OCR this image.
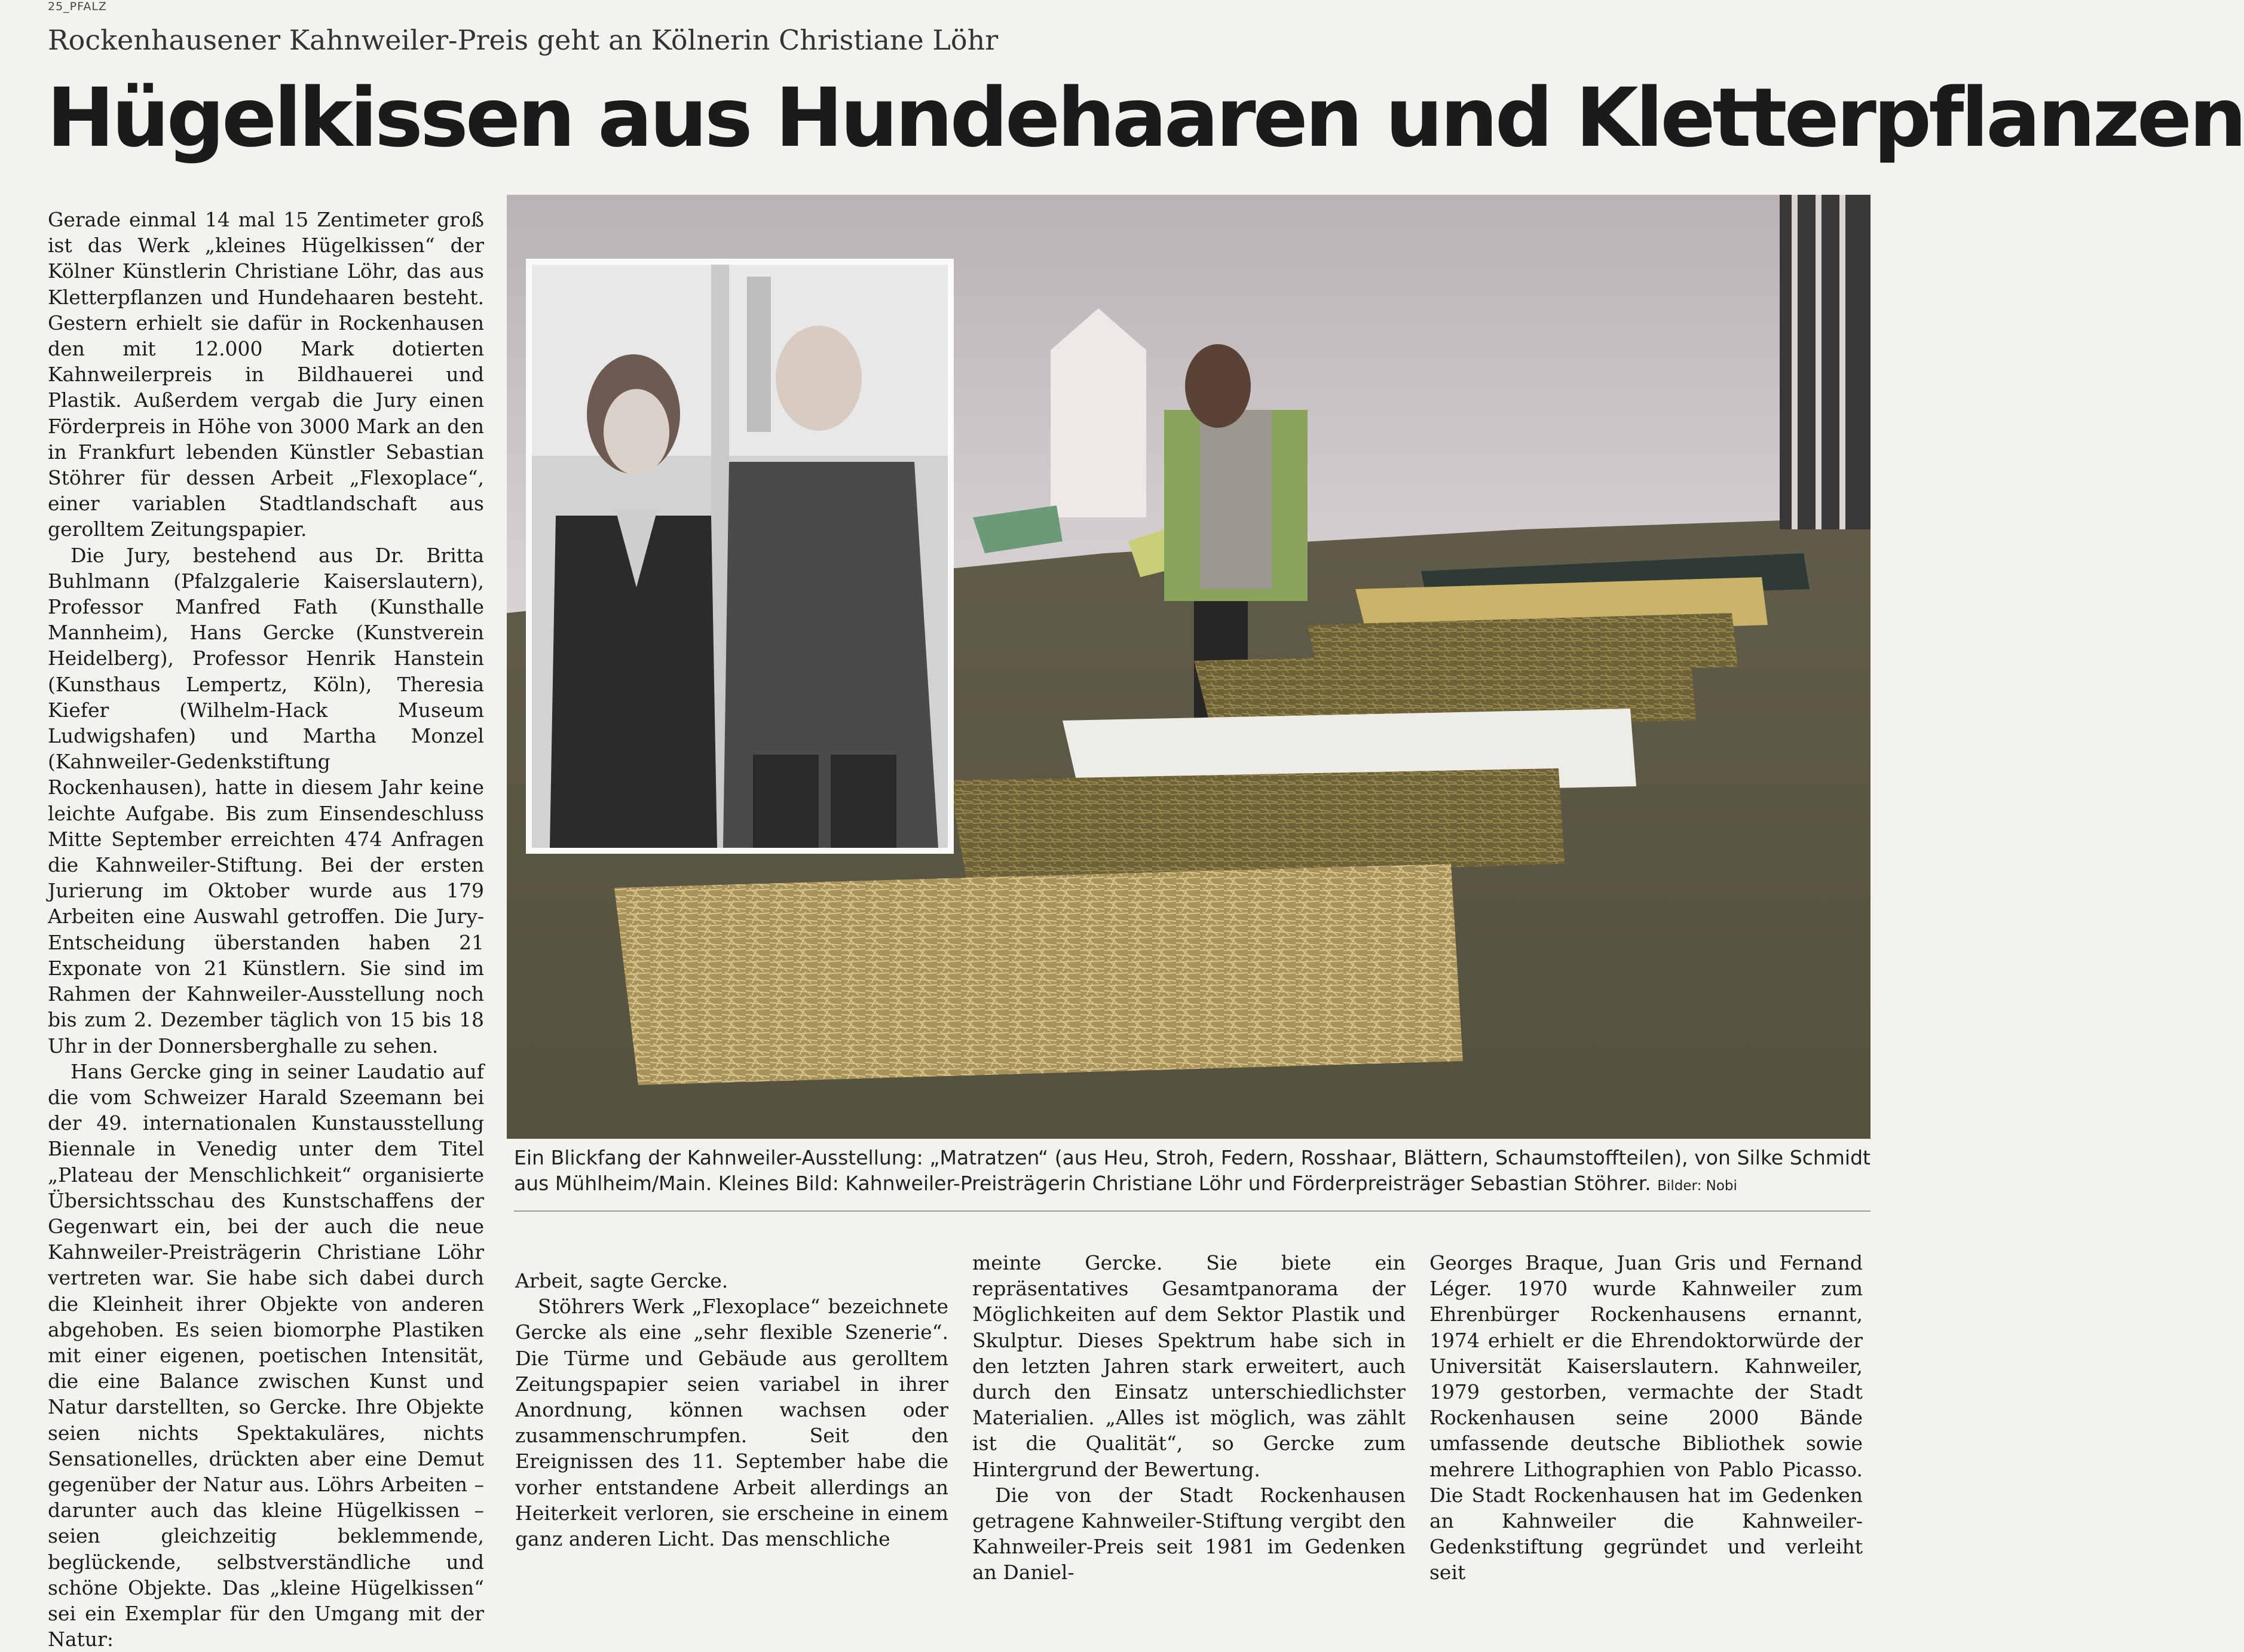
25_PFALZ
Rockenhausener Kahnweiler-Preis geht an Kölnerin Christiane Löhr
Hügelkissen aus Hundehaaren und Kletterpflanzen

Gerade einmal 14 mal 15 Zentimeter groß ist das Werk „kleines Hügelkissen“ der Kölner Künstlerin Christiane Löhr, das aus Kletterpflanzen und Hundehaaren besteht. Gestern erhielt sie dafür in Rockenhausen den mit 12.000 Mark dotierten Kahnweilerpreis in Bildhauerei und Plastik. Außerdem vergab die Jury einen Förderpreis in Höhe von 3000 Mark an den in Frankfurt lebenden Künstler Sebastian Stöhrer für dessen Arbeit „Flexoplace“, einer variablen Stadtlandschaft aus gerolltem Zeitungspapier.

Die Jury, bestehend aus Dr. Britta Buhlmann (Pfalzgalerie Kaiserslautern), Professor Manfred Fath (Kunsthalle Mannheim), Hans Gercke (Kunstverein Heidelberg), Professor Henrik Hanstein (Kunsthaus Lempertz, Köln), Theresia Kiefer (Wilhelm-Hack Museum Ludwigshafen) und Martha Monzel (Kahnweiler-Gedenkstiftung Rockenhausen), hatte in diesem Jahr keine leichte Aufgabe. Bis zum Einsendeschluss Mitte September erreichten 474 Anfragen die Kahnweiler-Stiftung. Bei der ersten Jurierung im Oktober wurde aus 179 Arbeiten eine Auswahl getroffen. Die Jury-Entscheidung überstanden haben 21 Exponate von 21 Künstlern. Sie sind im Rahmen der Kahnweiler-Ausstellung noch bis zum 2. Dezember täglich von 15 bis 18 Uhr in der Donnersberghalle zu sehen.

Hans Gercke ging in seiner Laudatio auf die vom Schweizer Harald Szeemann bei der 49. internationalen Kunstausstellung Biennale in Venedig unter dem Titel „Plateau der Menschlichkeit“ organisierte Übersichtsschau des Kunstschaffens der Gegenwart ein, bei der auch die neue Kahnweiler-Preisträgerin Christiane Löhr vertreten war. Sie habe sich dabei durch die Kleinheit ihrer Objekte von anderen abgehoben. Es seien biomorphe Plastiken mit einer eigenen, poetischen Intensität, die eine Balance zwischen Kunst und Natur darstellten, so Gercke. Ihre Objekte seien nichts Spektakuläres, nichts Sensationelles, drückten aber eine Demut gegenüber der Natur aus. Löhrs Arbeiten – darunter auch das kleine Hügelkissen – seien gleichzeitig beklemmende, beglückende, selbstverständliche und schöne Objekte. Das „kleine Hügelkissen“ sei ein Exemplar für den Umgang mit der Natur:

Ein Blickfang der Kahnweiler-Ausstellung: „Matratzen“ (aus Heu, Stroh, Federn, Rosshaar, Blättern, Schaumstoffteilen), von Silke Schmidt aus Mühlheim/Main. Kleines Bild: Kahnweiler-Preisträgerin Christiane Löhr und Förderpreisträger Sebastian Stöhrer. Bilder: Nobi

Arbeit, sagte Gercke.

Stöhrers Werk „Flexoplace“ bezeichnete Gercke als eine „sehr flexible Szenerie“. Die Türme und Gebäude aus gerolltem Zeitungspapier seien variabel in ihrer Anordnung, können wachsen oder zusammenschrumpfen. Seit den Ereignissen des 11. September habe die vorher entstandene Arbeit allerdings an Heiterkeit verloren, sie erscheine in einem ganz anderen Licht. Das menschliche

meinte Gercke. Sie biete ein repräsentatives Gesamtpanorama der Möglichkeiten auf dem Sektor Plastik und Skulptur. Dieses Spektrum habe sich in den letzten Jahren stark erweitert, auch durch den Einsatz unterschiedlichster Materialien. „Alles ist möglich, was zählt ist die Qualität“, so Gercke zum Hintergrund der Bewertung.

Die von der Stadt Rockenhausen getragene Kahnweiler-Stiftung vergibt den Kahnweiler-Preis seit 1981 im Gedenken an Daniel-

Georges Braque, Juan Gris und Fernand Léger. 1970 wurde Kahnweiler zum Ehrenbürger Rockenhausens ernannt, 1974 erhielt er die Ehrendoktorwürde der Universität Kaiserslautern. Kahnweiler, 1979 gestorben, vermachte der Stadt Rockenhausen seine 2000 Bände umfassende deutsche Bibliothek sowie mehrere Lithographien von Pablo Picasso. Die Stadt Rockenhausen hat im Gedenken an Kahnweiler die Kahnweiler-Gedenkstiftung gegründet und verleiht seit
